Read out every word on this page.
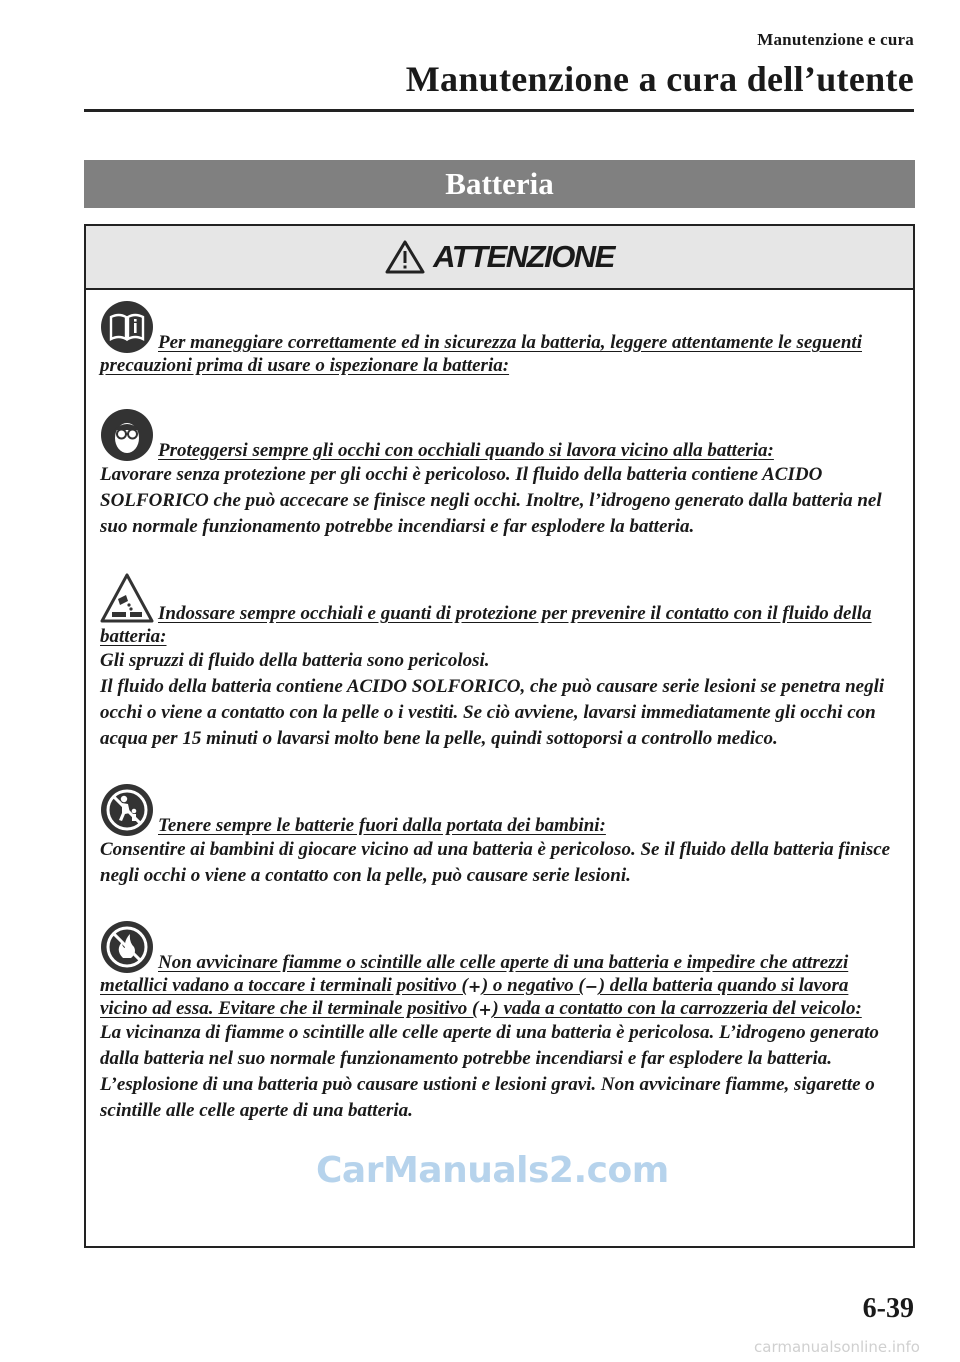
Manutenzione e cura
Manutenzione a cura dell’utente
Batteria
ATTENZIONE
Per maneggiare correttamente ed in sicurezza la batteria, leggere attentamente le seguenti precauzioni prima di usare o ispezionare la batteria:
Proteggersi sempre gli occhi con occhiali quando si lavora vicino alla batteria:

Lavorare senza protezione per gli occhi è pericoloso. Il fluido della batteria contiene ACIDO SOLFORICO che può accecare se finisce negli occhi. Inoltre, l’idrogeno generato dalla batteria nel suo normale funzionamento potrebbe incendiarsi e far esplodere la batteria.

Indossare sempre occhiali e guanti di protezione per prevenire il contatto con il fluido della batteria:

Gli spruzzi di fluido della batteria sono pericolosi.
Il fluido della batteria contiene ACIDO SOLFORICO, che può causare serie lesioni se penetra negli occhi o viene a contatto con la pelle o i vestiti. Se ciò avviene, lavarsi immediatamente gli occhi con acqua per 15 minuti o lavarsi molto bene la pelle, quindi sottoporsi a controllo medico.

Tenere sempre le batterie fuori dalla portata dei bambini:

Consentire ai bambini di giocare vicino ad una batteria è pericoloso. Se il fluido della batteria finisce negli occhi o viene a contatto con la pelle, può causare serie lesioni.

Non avvicinare fiamme o scintille alle celle aperte di una batteria e impedire che attrezzi metallici vadano a toccare i terminali positivo (+) o negativo (−) della batteria quando si lavora vicino ad essa. Evitare che il terminale positivo (+) vada a contatto con la carrozzeria del veicolo:

La vicinanza di fiamme o scintille alle celle aperte di una batteria è pericolosa. L’idrogeno generato dalla batteria nel suo normale funzionamento potrebbe incendiarsi e far esplodere la batteria. L’esplosione di una batteria può causare ustioni e lesioni gravi. Non avvicinare fiamme, sigarette o scintille alle celle aperte di una batteria.

CarManuals2.com
6-39
carmanualsonline.info
